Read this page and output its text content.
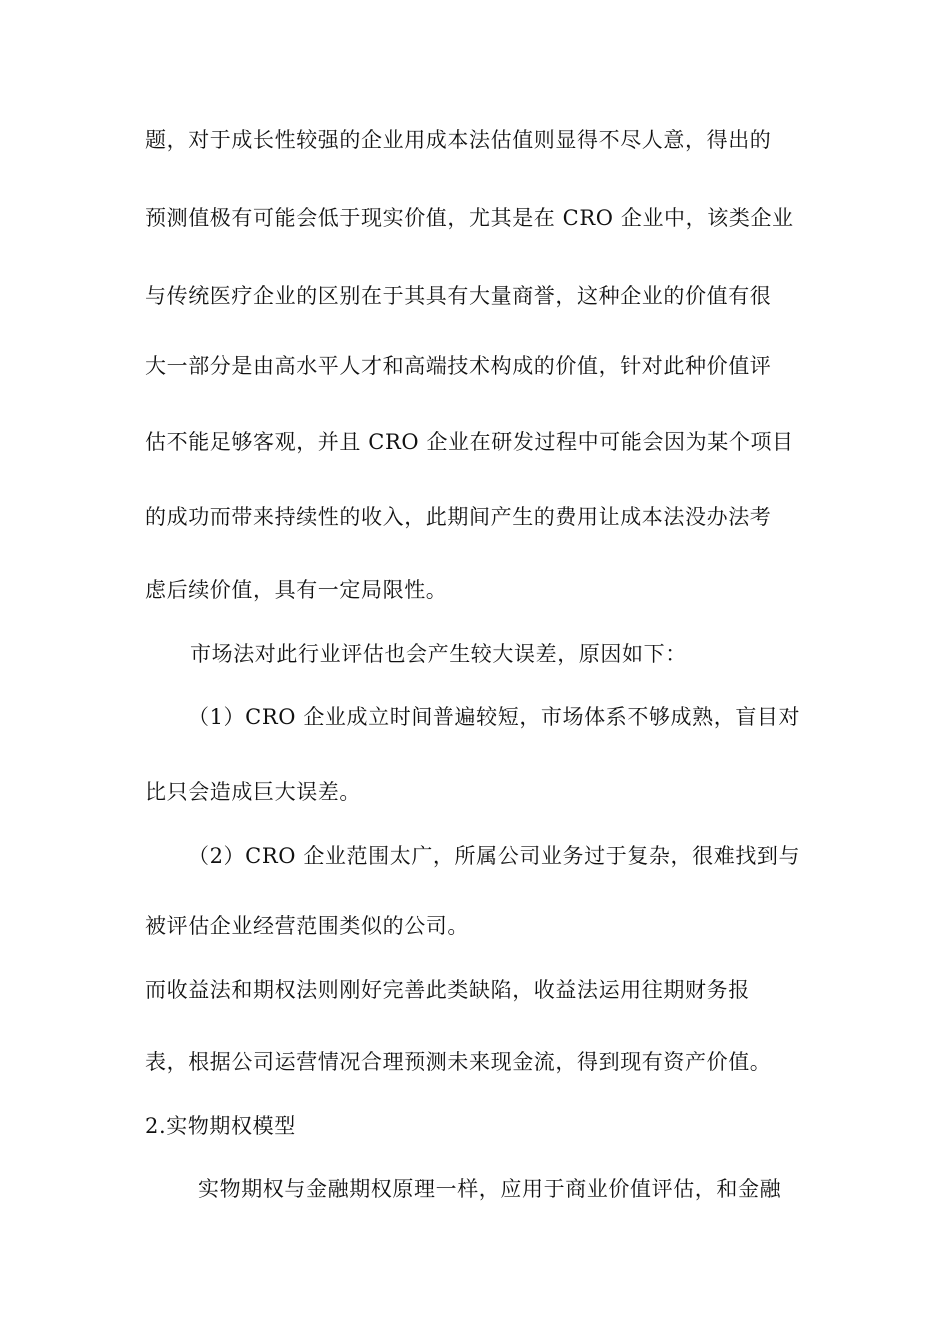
题，对于成长性较强的企业用成本法估值则显得不尽人意，得出的
预测值极有可能会低于现实价值，尤其是在 CRO 企业中，该类企业
与传统医疗企业的区别在于其具有大量商誉，这种企业的价值有很
大一部分是由高水平人才和高端技术构成的价值，针对此种价值评
估不能足够客观，并且 CRO 企业在研发过程中可能会因为某个项目
的成功而带来持续性的收入，此期间产生的费用让成本法没办法考
虑后续价值，具有一定局限性。
市场法对此行业评估也会产生较大误差，原因如下：
（1）CRO 企业成立时间普遍较短，市场体系不够成熟，盲目对
比只会造成巨大误差。
（2）CRO 企业范围太广，所属公司业务过于复杂，很难找到与
被评估企业经营范围类似的公司。
而收益法和期权法则刚好完善此类缺陷，收益法运用往期财务报
表，根据公司运营情况合理预测未来现金流，得到现有资产价值。
2.实物期权模型
实物期权与金融期权原理一样，应用于商业价值评估，和金融
